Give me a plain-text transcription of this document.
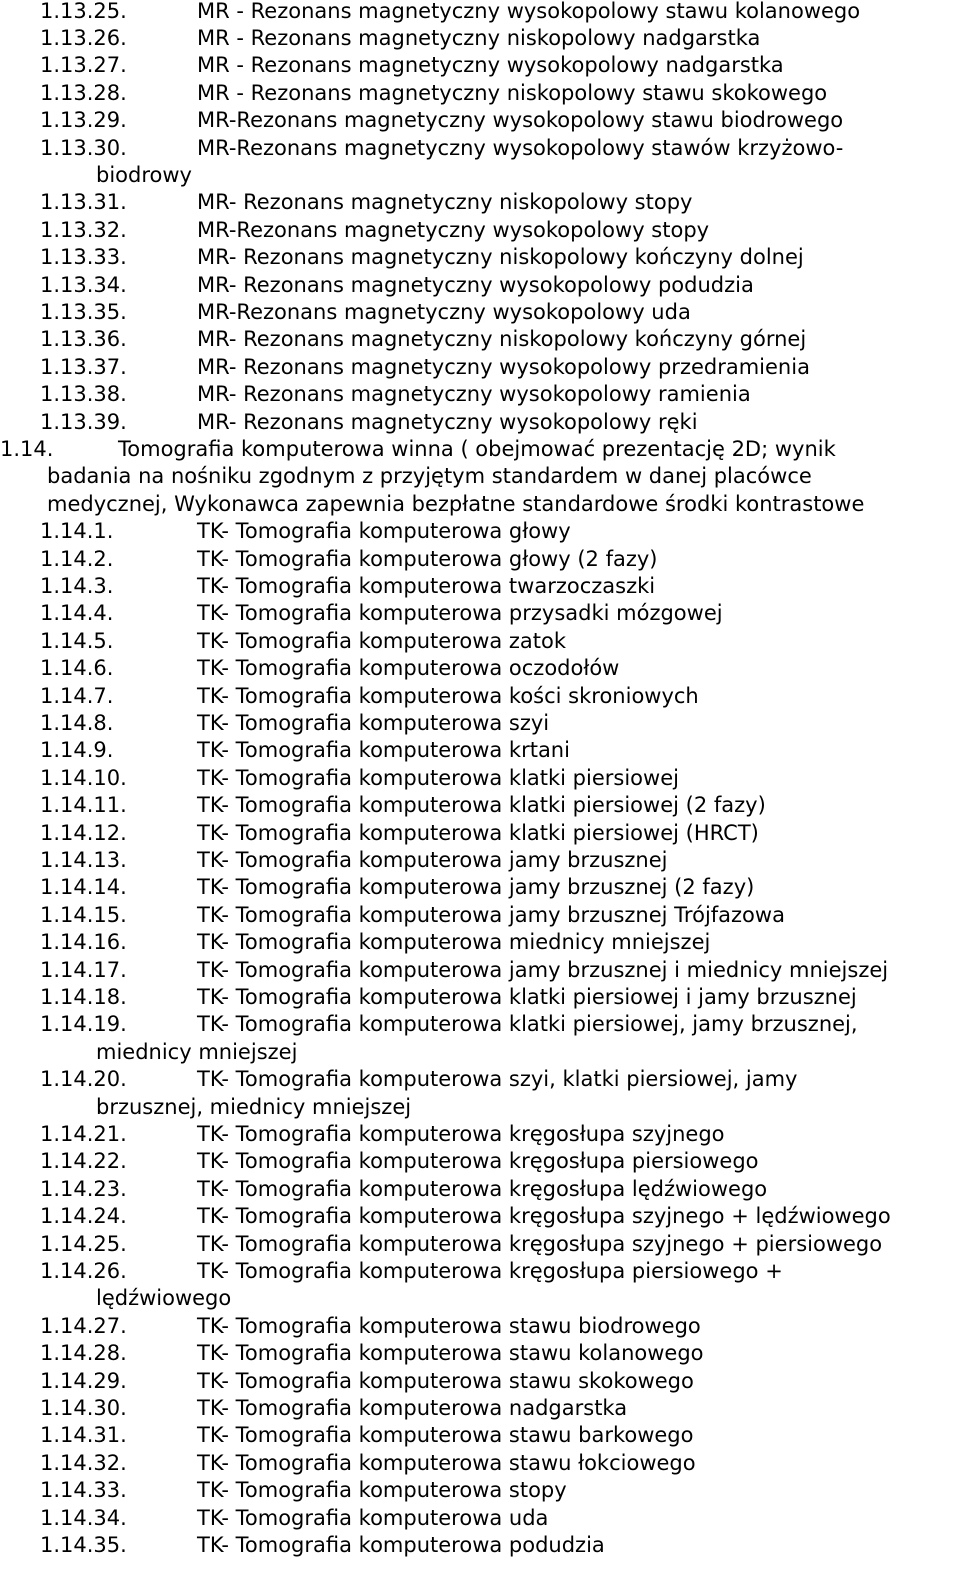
1.13.25.	MR - Rezonans magnetyczny wysokopolowy stawu kolanowego
1.13.26.	MR - Rezonans magnetyczny niskopolowy nadgarstka
1.13.27.	MR - Rezonans magnetyczny wysokopolowy nadgarstka
1.13.28.	MR - Rezonans magnetyczny niskopolowy stawu skokowego
1.13.29.	MR-Rezonans magnetyczny wysokopolowy stawu biodrowego
1.13.30.	MR-Rezonans magnetyczny wysokopolowy stawów krzyżowo-
biodrowy
1.13.31.	MR- Rezonans magnetyczny niskopolowy stopy
1.13.32.	MR-Rezonans magnetyczny wysokopolowy stopy
1.13.33.	MR- Rezonans magnetyczny niskopolowy kończyny dolnej
1.13.34.	MR- Rezonans magnetyczny wysokopolowy podudzia
1.13.35.	MR-Rezonans magnetyczny wysokopolowy uda
1.13.36.	MR- Rezonans magnetyczny niskopolowy kończyny górnej
1.13.37.	MR- Rezonans magnetyczny wysokopolowy przedramienia
1.13.38.	MR- Rezonans magnetyczny wysokopolowy ramienia
1.13.39.	MR- Rezonans magnetyczny wysokopolowy ręki
1.14.	Tomografia komputerowa winna ( obejmować prezentację 2D; wynik
badania na nośniku zgodnym z przyjętym standardem w danej placówce
medycznej, Wykonawca zapewnia bezpłatne standardowe środki kontrastowe
1.14.1.	TK- Tomografia komputerowa głowy
1.14.2.	TK- Tomografia komputerowa głowy (2 fazy)
1.14.3.	TK- Tomografia komputerowa twarzoczaszki
1.14.4.	TK- Tomografia komputerowa przysadki mózgowej
1.14.5.	TK- Tomografia komputerowa zatok
1.14.6.	TK- Tomografia komputerowa oczodołów
1.14.7.	TK- Tomografia komputerowa kości skroniowych
1.14.8.	TK- Tomografia komputerowa szyi
1.14.9.	TK- Tomografia komputerowa krtani
1.14.10.	TK- Tomografia komputerowa klatki piersiowej
1.14.11.	TK- Tomografia komputerowa klatki piersiowej (2 fazy)
1.14.12.	TK- Tomografia komputerowa klatki piersiowej (HRCT)
1.14.13.	TK- Tomografia komputerowa jamy brzusznej
1.14.14.	TK- Tomografia komputerowa jamy brzusznej (2 fazy)
1.14.15.	TK- Tomografia komputerowa jamy brzusznej Trójfazowa
1.14.16.	TK- Tomografia komputerowa miednicy mniejszej
1.14.17.	TK- Tomografia komputerowa jamy brzusznej i miednicy mniejszej
1.14.18.	TK- Tomografia komputerowa klatki piersiowej i jamy brzusznej
1.14.19.	TK- Tomografia komputerowa klatki piersiowej, jamy brzusznej,
miednicy mniejszej
1.14.20.	TK- Tomografia komputerowa szyi, klatki piersiowej, jamy
brzusznej, miednicy mniejszej
1.14.21.	TK- Tomografia komputerowa kręgosłupa szyjnego
1.14.22.	TK- Tomografia komputerowa kręgosłupa piersiowego
1.14.23.	TK- Tomografia komputerowa kręgosłupa lędźwiowego
1.14.24.	TK- Tomografia komputerowa kręgosłupa szyjnego + lędźwiowego
1.14.25.	TK- Tomografia komputerowa kręgosłupa szyjnego + piersiowego
1.14.26.	TK- Tomografia komputerowa kręgosłupa piersiowego +
lędźwiowego
1.14.27.	TK- Tomografia komputerowa stawu biodrowego
1.14.28.	TK- Tomografia komputerowa stawu kolanowego
1.14.29.	TK- Tomografia komputerowa stawu skokowego
1.14.30.	TK- Tomografia komputerowa nadgarstka
1.14.31.	TK- Tomografia komputerowa stawu barkowego
1.14.32.	TK- Tomografia komputerowa stawu łokciowego
1.14.33.	TK- Tomografia komputerowa stopy
1.14.34.	TK- Tomografia komputerowa uda
1.14.35.	TK- Tomografia komputerowa podudzia
